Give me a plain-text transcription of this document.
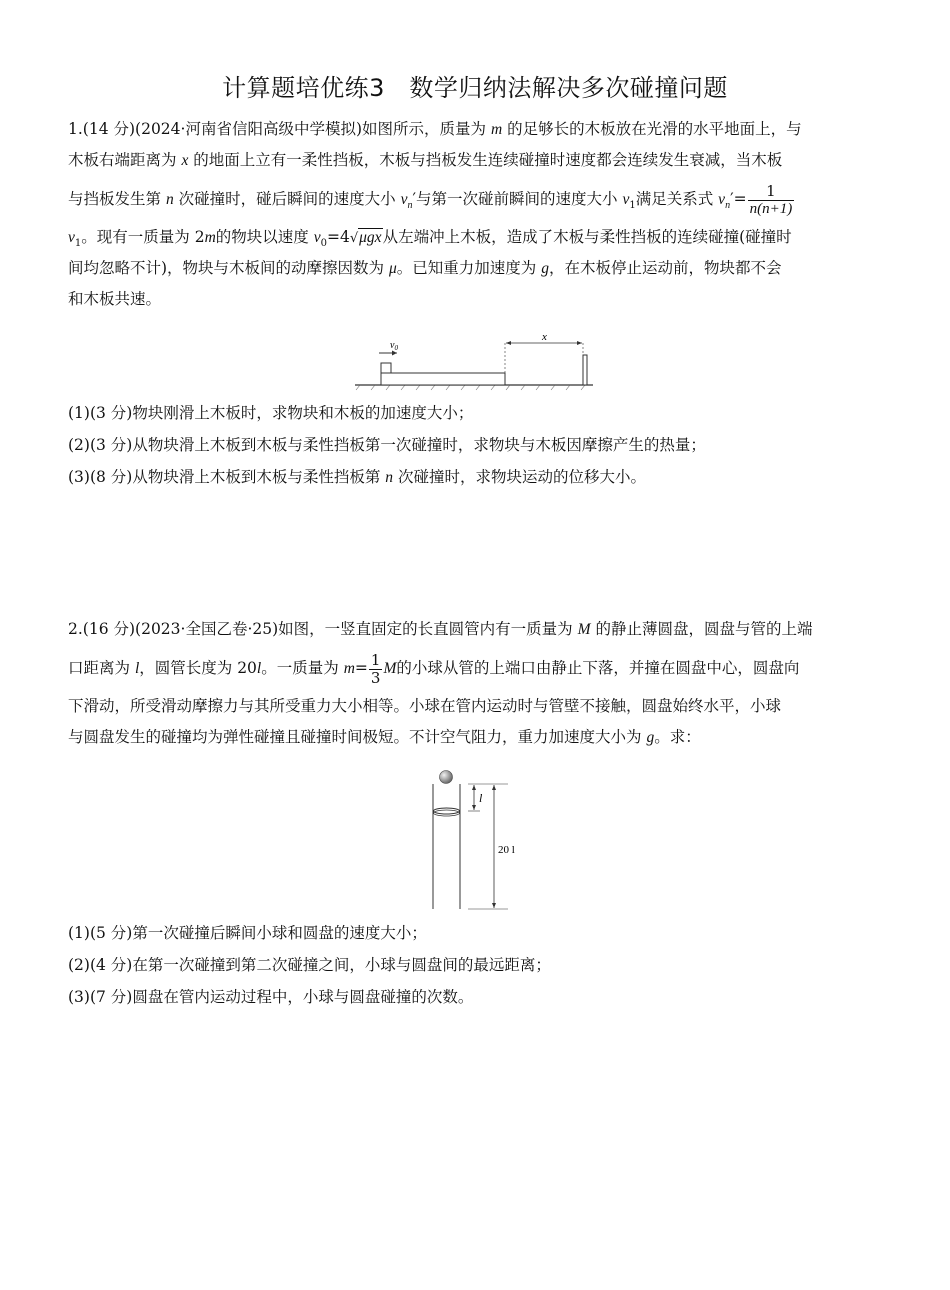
计算题培优练3　数学归纳法解决多次碰撞问题
1.(14 分)(2024·河南省信阳高级中学模拟)如图所示，质量为 m 的足够长的木板放在光滑的水平地面上，与
木板右端距离为 x 的地面上立有一柔性挡板，木板与挡板发生连续碰撞时速度都会连续发生衰减，当木板
与挡板发生第 n 次碰撞时，碰后瞬间的速度大小 $v_n'$与第一次碰前瞬间的速度大小 $v_1$满足关系式 $v_n'= \frac{1}{n(n+1)}$
$v_1$。现有一质量为 2m的物块以速度 $v_0=4√\mu gx$从左端冲上木板，造成了木板与柔性挡板的连续碰撞(碰撞时
间均忽略不计)，物块与木板间的动摩擦因数为 μ。已知重力加速度为 g，在木板停止运动前，物块都不会
和木板共速。
$v_0$
x
(1)(3 分)物块刚滑上木板时，求物块和木板的加速度大小；
(2)(3 分)从物块滑上木板到木板与柔性挡板第一次碰撞时，求物块与木板因摩擦产生的热量；
(3)(8 分)从物块滑上木板到木板与柔性挡板第 n 次碰撞时，求物块运动的位移大小。
2.(16 分)(2023·全国乙卷·25)如图，一竖直固定的长直圆管内有一质量为 M 的静止薄圆盘，圆盘与管的上端
口距离为 l，圆管长度为 20l。一质量为 $m= \frac{1}{3}$ M的小球从管的上端口由静止下落，并撞在圆盘中心，圆盘向
下滑动，所受滑动摩擦力与其所受重力大小相等。小球在管内运动时与管壁不接触，圆盘始终水平，小球
与圆盘发生的碰撞均为弹性碰撞且碰撞时间极短。不计空气阻力，重力加速度大小为 g。求：
l
20 l
(1)(5 分)第一次碰撞后瞬间小球和圆盘的速度大小；
(2)(4 分)在第一次碰撞到第二次碰撞之间，小球与圆盘间的最远距离；
(3)(7 分)圆盘在管内运动过程中，小球与圆盘碰撞的次数。
